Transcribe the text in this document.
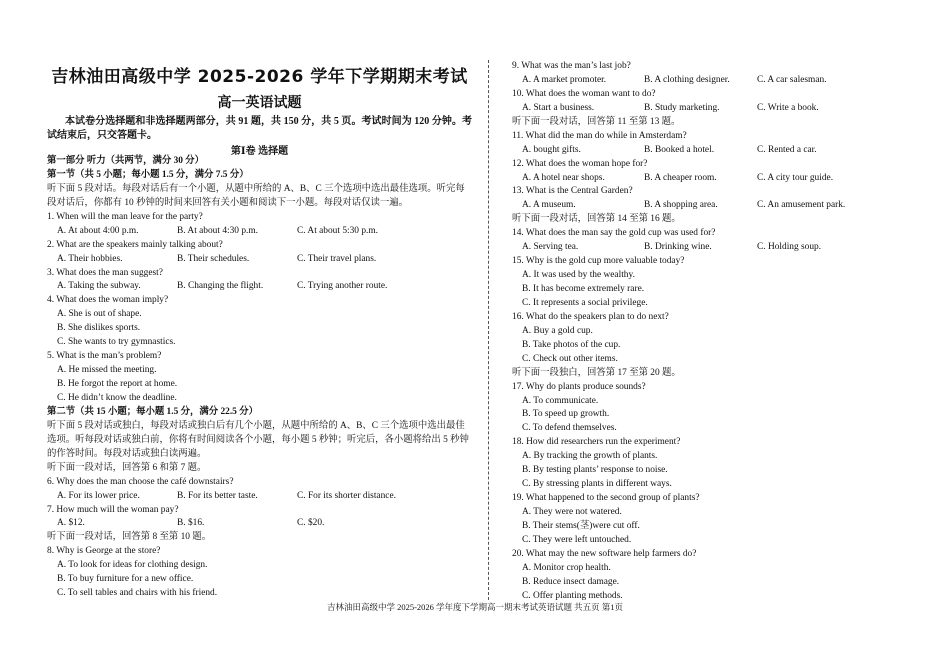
吉林油田高级中学 2025-2026 学年下学期期末考试
高一英语试题
本试卷分选择题和非选择题两部分，共 91 题，共 150 分，共 5 页。考试时间为 120 分钟。考试结束后，只交答题卡。
第Ⅰ卷 选择题
第一部分 听力（共两节，满分 30 分）
第一节（共 5 小题；每小题 1.5 分，满分 7.5 分）
听下面 5 段对话。每段对话后有一个小题，从题中所给的 A、B、C 三个选项中选出最佳选项。听完每段对话后，你都有 10 秒钟的时间来回答有关小题和阅读下一小题。每段对话仅读一遍。
1. When will the man leave for the party?
A. At about 4:00 p.m.	B. At about 4:30 p.m.	C. At about 5:30 p.m.
2. What are the speakers mainly talking about?
A. Their hobbies.	B. Their schedules.	C. Their travel plans.
3. What does the man suggest?
A. Taking the subway.	B. Changing the flight.	C. Trying another route.
4. What does the woman imply?
A. She is out of shape.
B. She dislikes sports.
C. She wants to try gymnastics.
5. What is the man’s problem?
A. He missed the meeting.
B. He forgot the report at home.
C. He didn’t know the deadline.
第二节（共 15 小题；每小题 1.5 分，满分 22.5 分）
听下面 5 段对话或独白，每段对话或独白后有几个小题，从题中所给的 A、B、C 三个选项中选出最佳选项。听每段对话或独白前，你将有时间阅读各个小题，每小题 5 秒钟；听完后，各小题将给出 5 秒钟的作答时间。每段对话或独白读两遍。
听下面一段对话，回答第 6 和第 7 题。
6. Why does the man choose the café downstairs?
A. For its lower price.	B. For its better taste.	C. For its shorter distance.
7. How much will the woman pay?
A. $12.	B. $16.	C. $20.
听下面一段对话，回答第 8 至第 10 题。
8. Why is George at the store?
A. To look for ideas for clothing design.
B. To buy furniture for a new office.
C. To sell tables and chairs with his friend.
9. What was the man’s last job?
A. A market promoter.	B. A clothing designer.	C. A car salesman.
10. What does the woman want to do?
A. Start a business.	B. Study marketing.	C. Write a book.
听下面一段对话，回答第 11 至第 13 题。
11. What did the man do while in Amsterdam?
A. bought gifts.	B. Booked a hotel.	C. Rented a car.
12. What does the woman hope for?
A. A hotel near shops.	B. A cheaper room.	C. A city tour guide.
13. What is the Central Garden?
A. A museum.	B. A shopping area.	C. An amusement park.
听下面一段对话，回答第 14 至第 16 题。
14. What does the man say the gold cup was used for?
A. Serving tea.	B. Drinking wine.	C. Holding soup.
15. Why is the gold cup more valuable today?
A. It was used by the wealthy.
B. It has become extremely rare.
C. It represents a social privilege.
16. What do the speakers plan to do next?
A. Buy a gold cup.
B. Take photos of the cup.
C. Check out other items.
听下面一段独白，回答第 17 至第 20 题。
17. Why do plants produce sounds?
A. To communicate.
B. To speed up growth.
C. To defend themselves.
18. How did researchers run the experiment?
A. By tracking the growth of plants.
B. By testing plants’ response to noise.
C. By stressing plants in different ways.
19. What happened to the second group of plants?
A. They were not watered.
B. Their stems(茎)were cut off.
C. They were left untouched.
20. What may the new software help farmers do?
A. Monitor crop health.
B. Reduce insect damage.
C. Offer planting methods.
吉林油田高级中学 2025-2026 学年度下学期高一期末考试英语试题 共五页 第1页
